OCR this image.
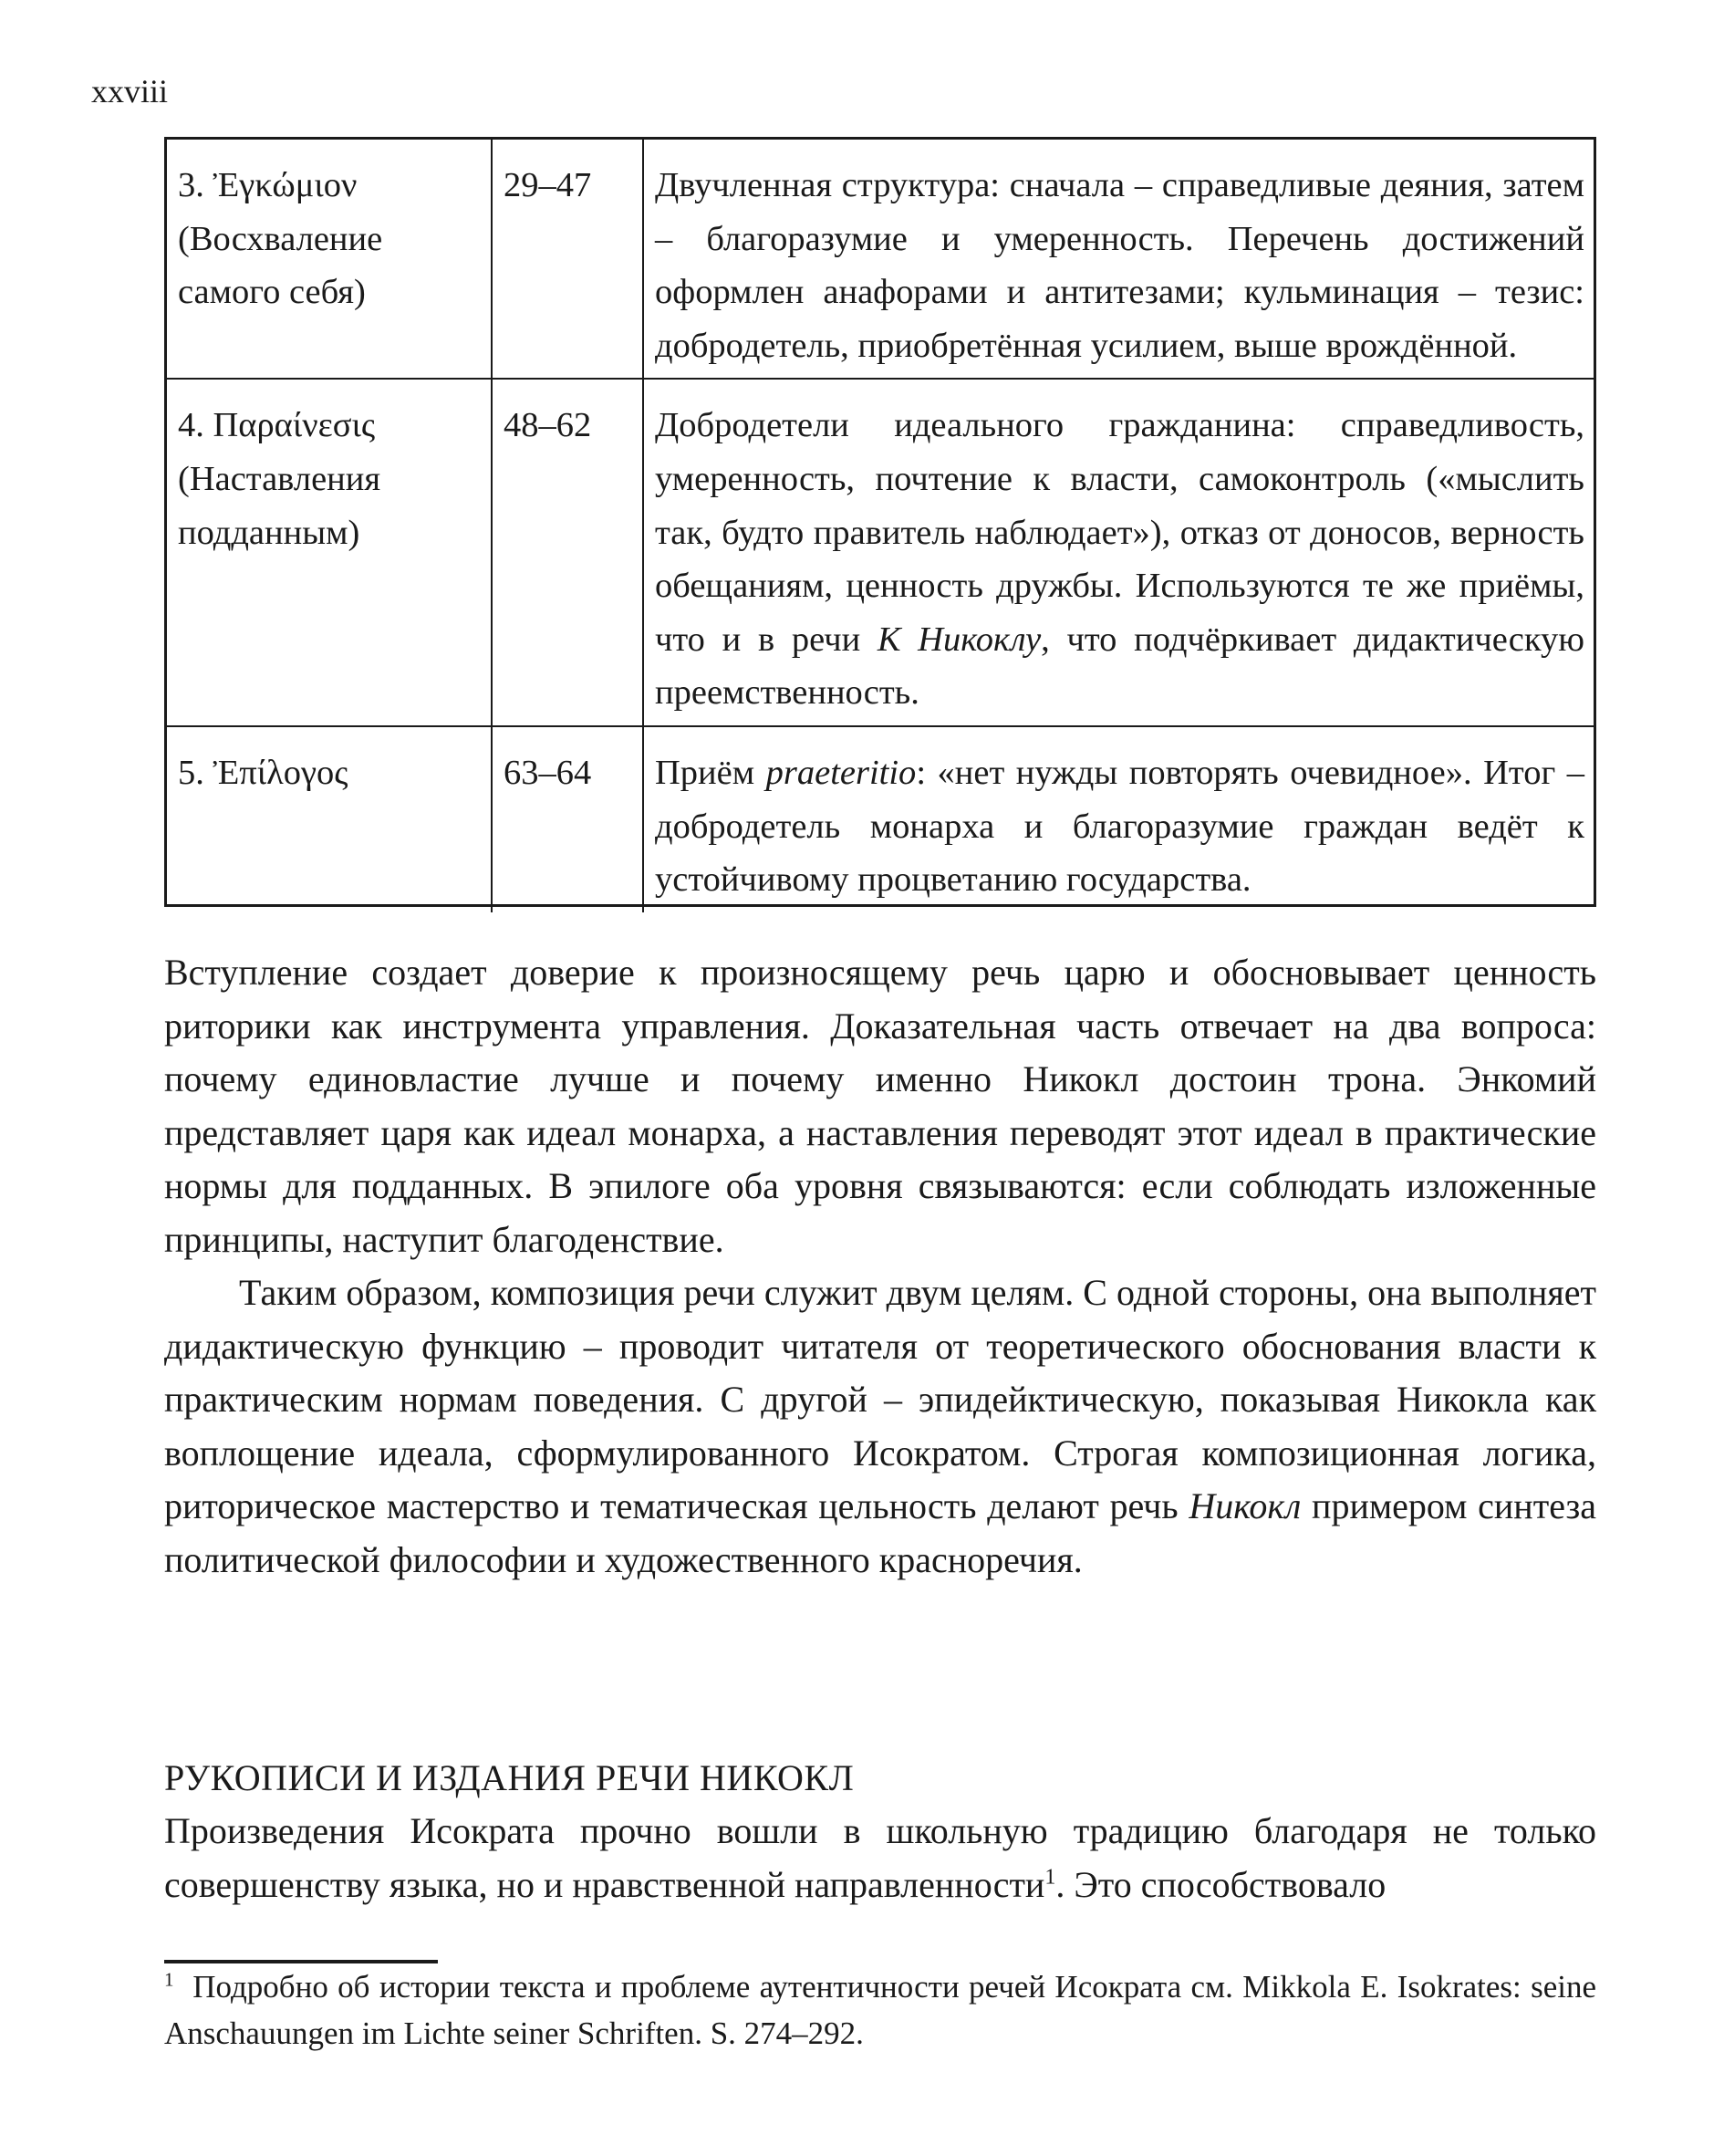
xxviii
3. Ἐγκώμιον (Восхваление самого себя)	29–47	Двучленная структура: сначала – справедливые деяния, затем – благоразумие и умеренность. Перечень достижений оформлен анафорами и антитезами; кульминация – тезис: добродетель, приобретённая усилием, выше врождённой.
4. Παραίνεσις (Наставления подданным)	48–62	Добродетели идеального гражданина: справедливость, умеренность, почтение к власти, самоконтроль («мыслить так, будто правитель наблюдает»), отказ от доносов, верность обещаниям, ценность дружбы. Используются те же приёмы, что и в речи К Никоклу, что подчёркивает дидактическую преемственность.
5. Ἐπίλογος	63–64	Приём praeteritio: «нет нужды повторять очевидное». Итог – добродетель монарха и благоразумие граждан ведёт к устойчивому процветанию государства.

Вступление создает доверие к произносящему речь царю и обосновывает ценность риторики как инструмента управления. Доказательная часть отвечает на два вопроса: почему единовластие лучше и почему именно Никокл достоин трона. Энкомий представляет царя как идеал монарха, а наставления переводят этот идеал в практические нормы для подданных. В эпилоге оба уровня связываются: если соблюдать изложенные принципы, наступит благоденствие.

Таким образом, композиция речи служит двум целям. С одной стороны, она выполняет дидактическую функцию – проводит читателя от теоретического обоснования власти к практическим нормам поведения. С другой – эпидейктическую, показывая Никокла как воплощение идеала, сформулированного Исократом. Строгая композиционная логика, риторическое мастерство и тематическая цельность делают речь Никокл примером синтеза политической философии и художественного красноречия.

РУКОПИСИ И ИЗДАНИЯ РЕЧИ НИКОКЛ

Произведения Исократа прочно вошли в школьную традицию благодаря не только совершенству языка, но и нравственной направленности$^1$. Это способствовало

$^1$ Подробно об истории текста и проблеме аутентичности речей Исократа см. Mikkola E. Isokrates: seine Anschauungen im Lichte seiner Schriften. S. 274–292.
